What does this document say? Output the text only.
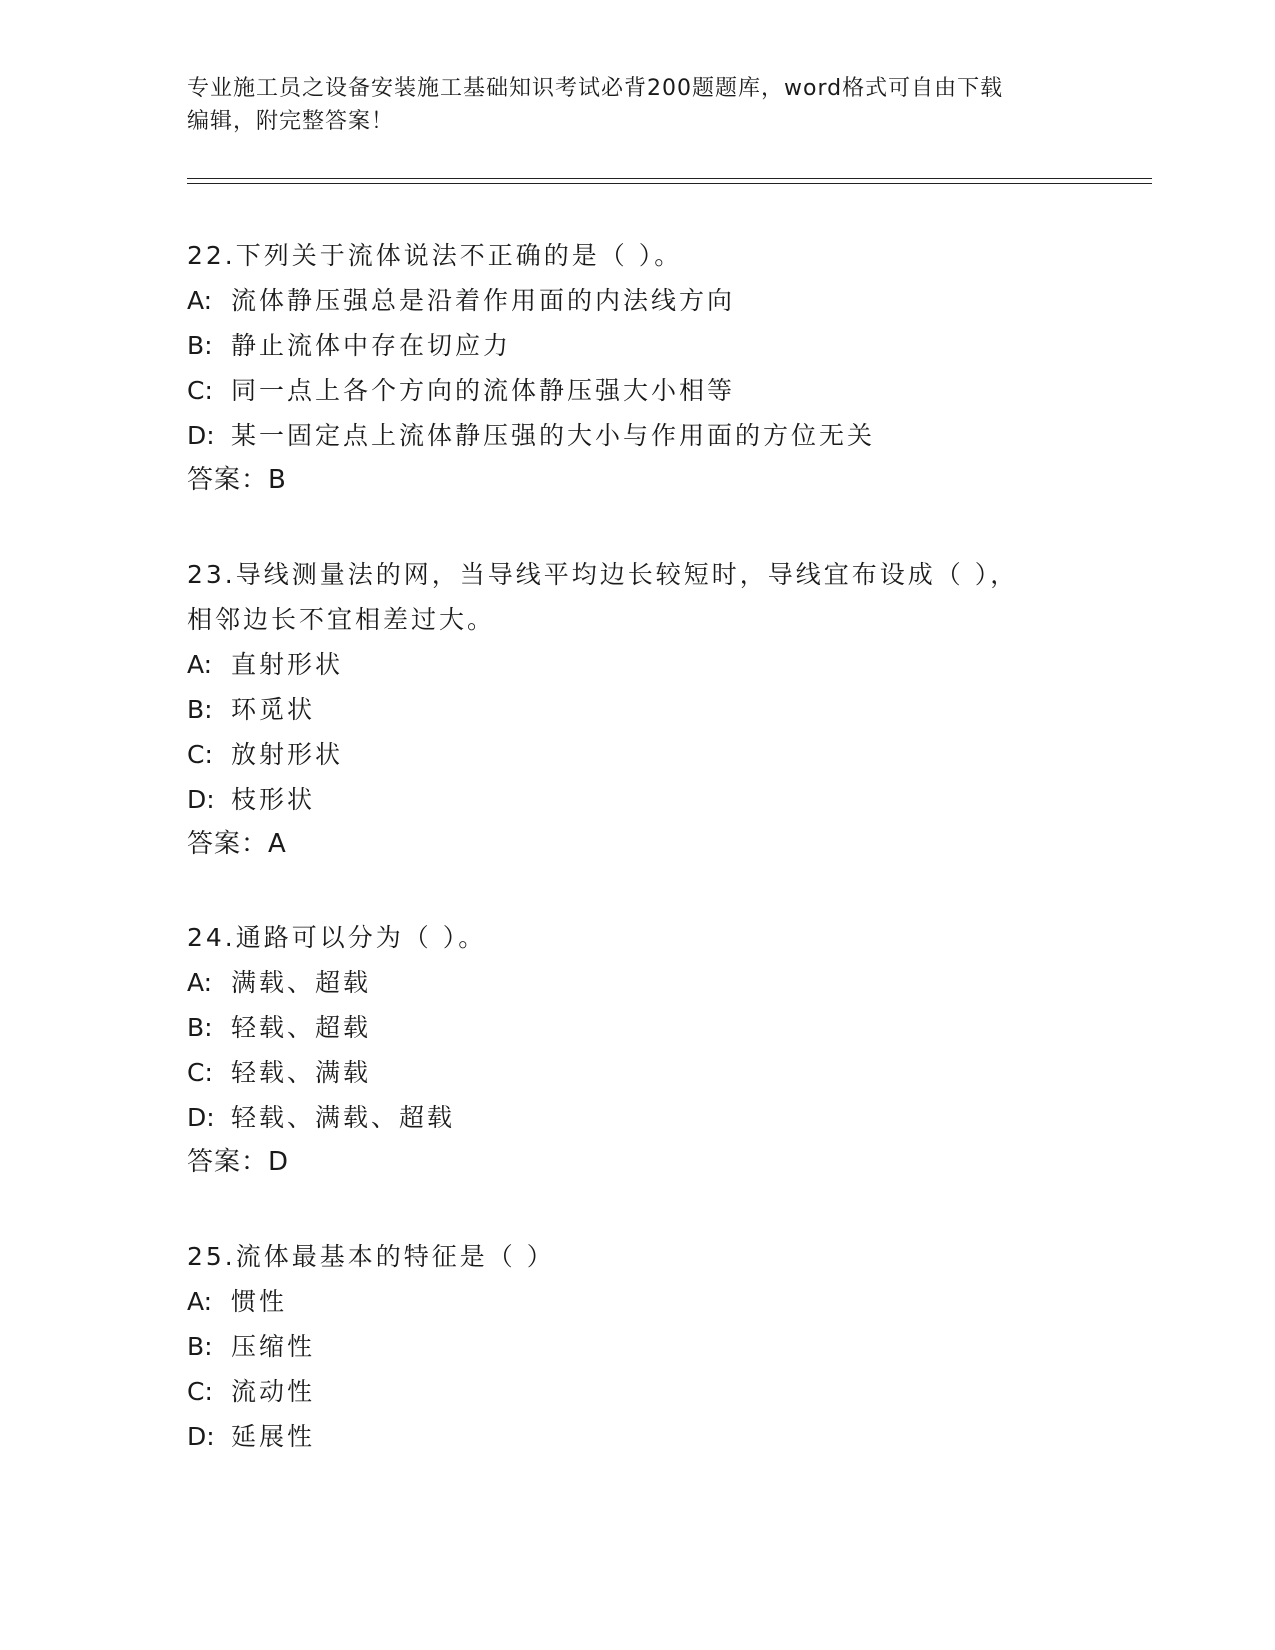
专业施工员之设备安装施工基础知识考试必背200题题库，word格式可自由下载
编辑，附完整答案！

22.下列关于流体说法不正确的是（ ）。

A: 流体静压强总是沿着作用面的内法线方向

B: 静止流体中存在切应力

C: 同一点上各个方向的流体静压强大小相等

D: 某一固定点上流体静压强的大小与作用面的方位无关

答案：B

23.导线测量法的网，当导线平均边长较短时，导线宜布设成（ ），

相邻边长不宜相差过大。

A: 直射形状

B: 环觅状

C: 放射形状

D: 枝形状

答案：A

24.通路可以分为（ ）。

A: 满载、超载

B: 轻载、超载

C: 轻载、满载

D: 轻载、满载、超载

答案：D

25.流体最基本的特征是（ ）

A: 惯性

B: 压缩性

C: 流动性

D: 延展性
